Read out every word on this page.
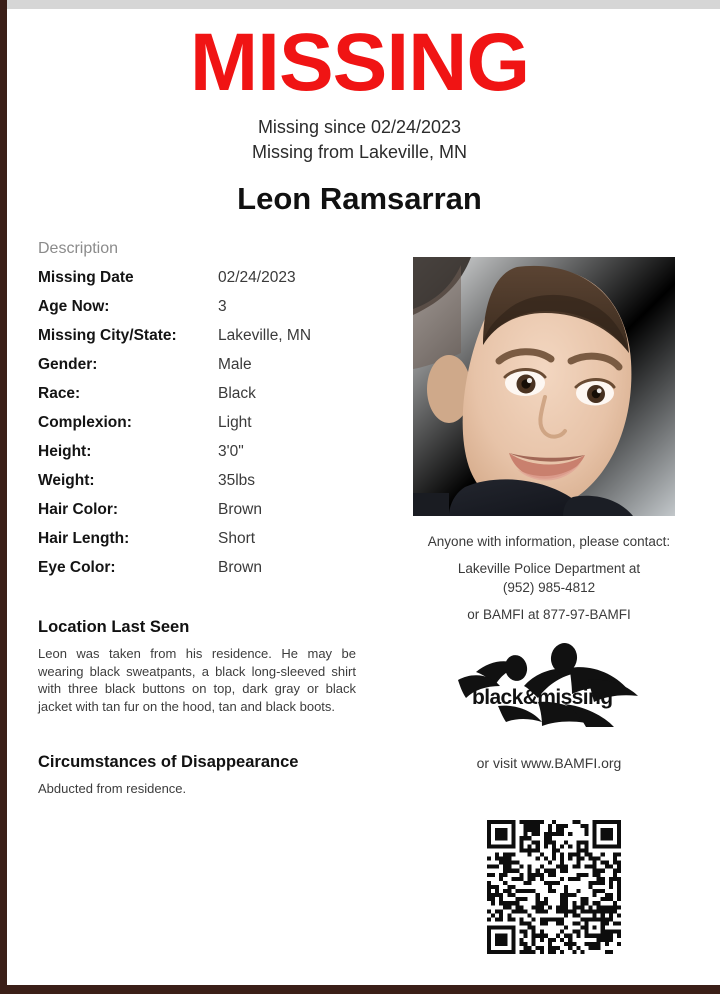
MISSING
Missing since 02/24/2023
Missing from Lakeville, MN
Leon Ramsarran
Description
Missing Date	02/24/2023
Age Now:	3
Missing City/State:	Lakeville, MN
Gender:	Male
Race:	Black
Complexion:	Light
Height:	3'0"
Weight:	35lbs
Hair Color:	Brown
Hair Length:	Short
Eye Color:	Brown
Location Last Seen
Leon was taken from his residence. He may be wearing black sweatpants, a black long-sleeved shirt with three black buttons on top, dark gray or black jacket with tan fur on the hood, tan and black boots.
Circumstances of Disappearance
Abducted from residence.
Anyone with information, please contact:
Lakeville Police Department at
(952) 985-4812
or BAMFI at 877-97-BAMFI
black&missing
or visit www.BAMFI.org
